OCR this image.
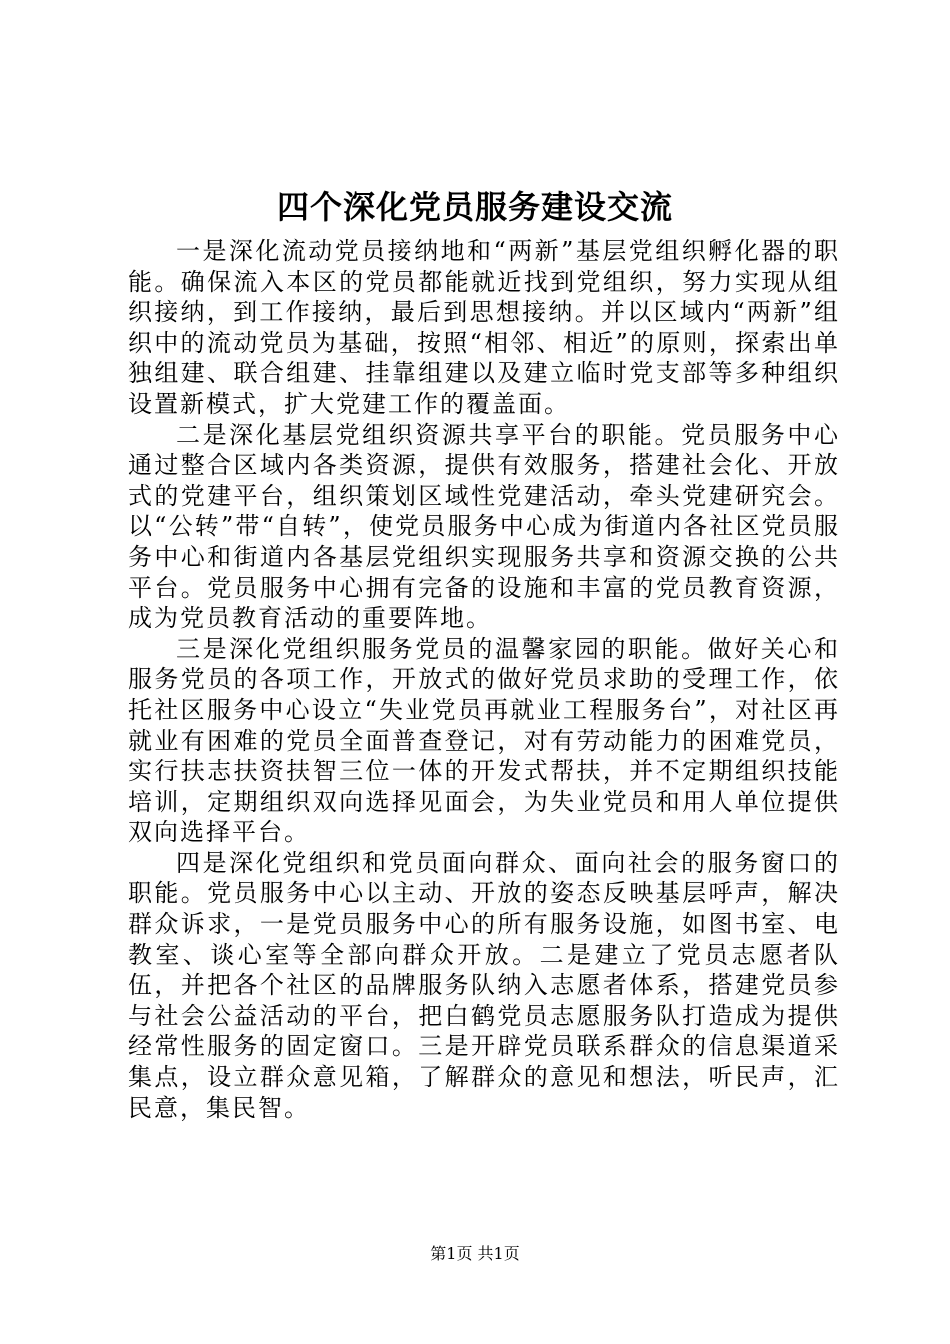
四个深化党员服务建设交流

一是深化流动党员接纳地和“两新”基层党组织孵化器的职能。确保流入本区的党员都能就近找到党组织，努力实现从组织接纳，到工作接纳，最后到思想接纳。并以区域内“两新”组织中的流动党员为基础，按照“相邻、相近”的原则，探索出单独组建、联合组建、挂靠组建以及建立临时党支部等多种组织设置新模式，扩大党建工作的覆盖面。

二是深化基层党组织资源共享平台的职能。党员服务中心通过整合区域内各类资源，提供有效服务，搭建社会化、开放式的党建平台，组织策划区域性党建活动，牵头党建研究会。以“公转”带“自转”，使党员服务中心成为街道内各社区党员服务中心和街道内各基层党组织实现服务共享和资源交换的公共平台。党员服务中心拥有完备的设施和丰富的党员教育资源，成为党员教育活动的重要阵地。

三是深化党组织服务党员的温馨家园的职能。做好关心和服务党员的各项工作，开放式的做好党员求助的受理工作，依托社区服务中心设立“失业党员再就业工程服务台”，对社区再就业有困难的党员全面普查登记，对有劳动能力的困难党员，实行扶志扶资扶智三位一体的开发式帮扶，并不定期组织技能培训，定期组织双向选择见面会，为失业党员和用人单位提供双向选择平台。

四是深化党组织和党员面向群众、面向社会的服务窗口的职能。党员服务中心以主动、开放的姿态反映基层呼声，解决群众诉求，一是党员服务中心的所有服务设施，如图书室、电教室、谈心室等全部向群众开放。二是建立了党员志愿者队伍，并把各个社区的品牌服务队纳入志愿者体系，搭建党员参与社会公益活动的平台，把白鹤党员志愿服务队打造成为提供经常性服务的固定窗口。三是开辟党员联系群众的信息渠道采集点，设立群众意见箱，了解群众的意见和想法，听民声，汇民意，集民智。

第1页 共1页
